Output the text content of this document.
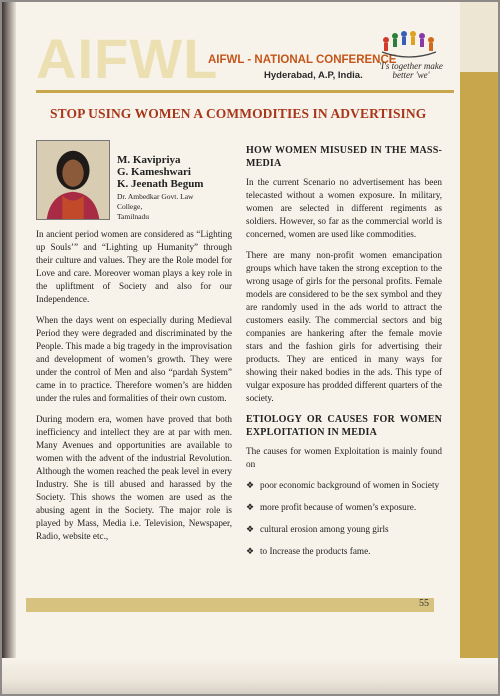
AIFWL
AIFWL - NATIONAL CONFERENCE
Hyderabad, A.P, India.
'I's together make better 'we'
STOP USING WOMEN A COMMODITIES IN ADVERTISING
M. Kavipriya
G. Kameshwari
K. Jeenath Begum
Dr. Ambedkar Govt. Law
College,
Tamilnadu

In ancient period women are considered as “Lighting up Souls’” and “Lighting up Humanity” through their culture and values. They are the Role model for Love and care. Moreover woman plays a key role in the upliftment of Society and also for our Independence.

When the days went on especially during Medieval Period they were degraded and discriminated by the People. This made a big tragedy in the improvisation and development of women’s growth. They were under the control of Men and also “pardah System” came in to practice. Therefore women’s are hidden under the rules and formalities of their own custom.

During modern era, women have proved that both inefficiency and intellect they are at par with men. Many Avenues and opportunities are available to women with the advent of the industrial Revolution. Although the women reached the peak level in every Industry. She is till abused and harassed by the Society. This shows the women are used as the abusing agent in the Society. The major role is played by Mass, Media i.e. Television, Newspaper, Radio, website etc.,

HOW WOMEN MISUSED IN THE MASS-MEDIA

In the current Scenario no advertisement has been telecasted without a women exposure. In military, women are selected in different regiments as soldiers. However, so far as the commercial world is concerned, women are used like commodities.

There are many non-profit women emancipation groups which have taken the strong exception to the wrong usage of girls for the personal profits. Female models are considered to be the sex symbol and they are randomly used in the ads world to attract the customers easily. The commercial sectors and big companies are hankering after the female movie stars and the fashion girls for advertising their products. They are enticed in many ways for showing their naked bodies in the ads. This type of vulgar exposure has prodded different quarters of the society.

ETIOLOGY OR CAUSES FOR WOMEN EXPLOITATION IN MEDIA

The causes for women Exploitation is mainly found on

❖ poor economic background of women in Society
❖ more profit because of women’s exposure.
❖ cultural erosion among young girls
❖ to Increase the products fame.
55
